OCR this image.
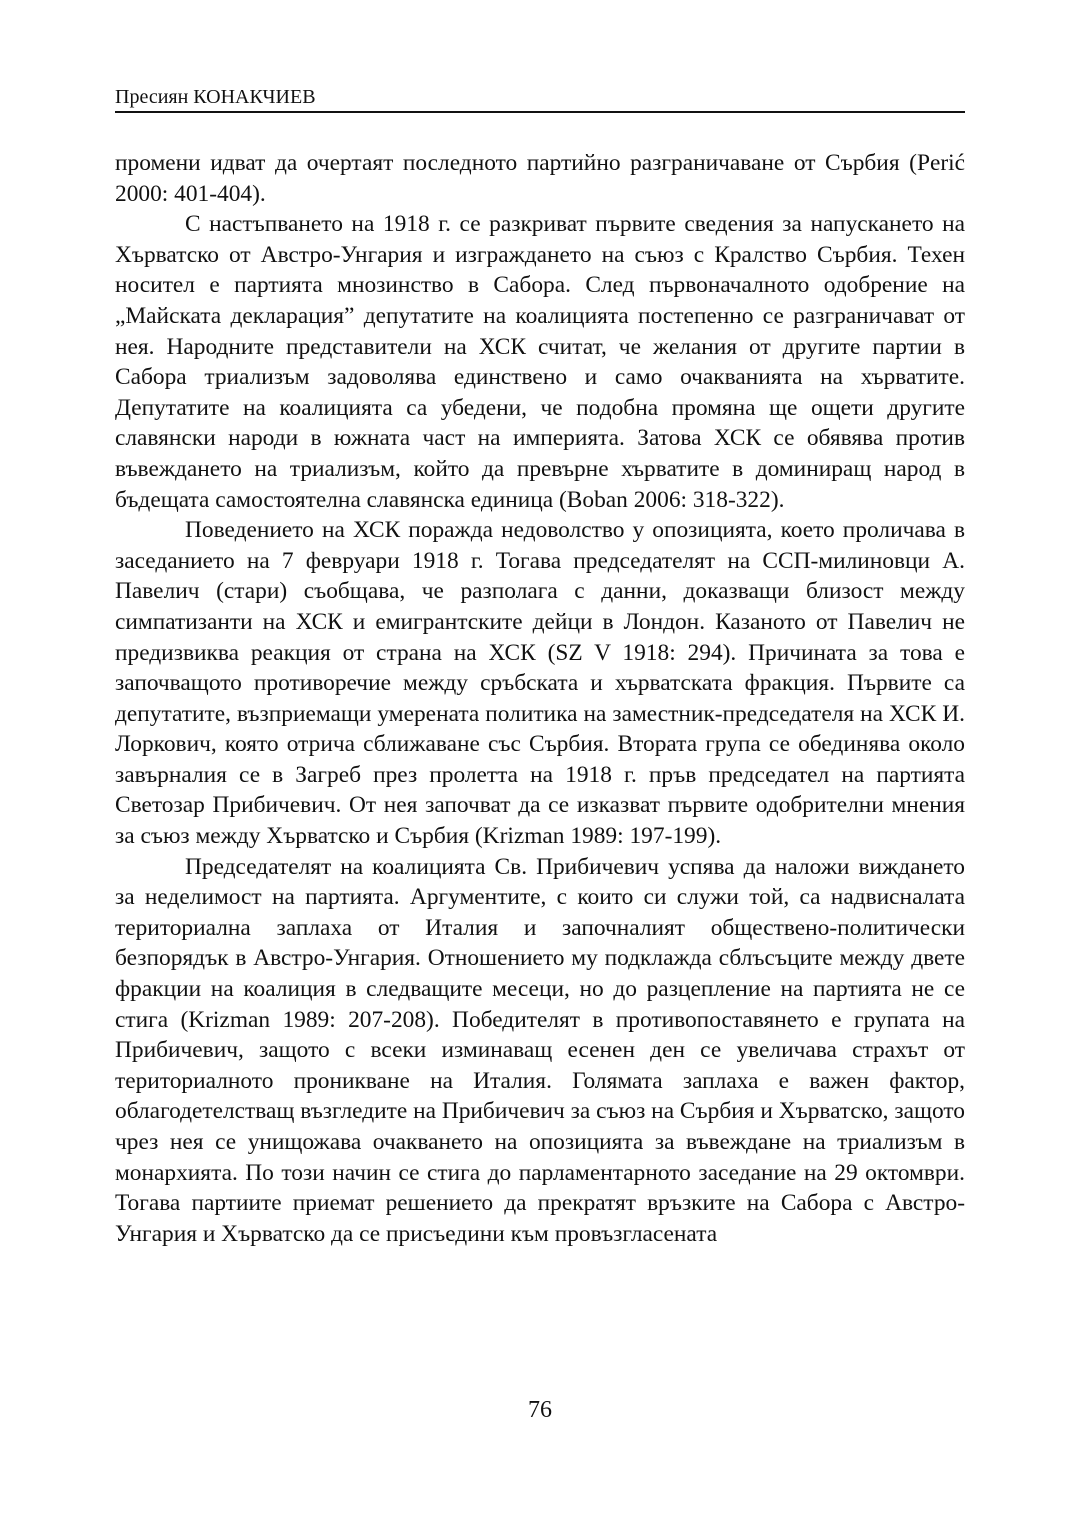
Пресиян КОНАКЧИЕВ

промени идват да очертаят последното партийно разграничаване от Сърбия (Perić 2000: 401-404).

С настъпването на 1918 г. се разкриват първите сведения за напускането на Хърватско от Австро-Унгария и изграждането на съюз с Кралство Сърбия. Техен носител е партията мнозинство в Сабора. След първоначалното одобрение на „Майската декларация” депутатите на коалицията постепенно се разграничават от нея. Народните представители на ХСК считат, че желания от другите партии в Сабора триализъм задоволява единствено и само очакванията на хърватите. Депутатите на коалицията са убедени, че подобна промяна ще ощети другите славянски народи в южната част на империята. Затова ХСК се обявява против въвеждането на триализъм, който да превърне хърватите в доминиращ народ в бъдещата самостоятелна славянска единица (Boban 2006: 318-322).

Поведението на ХСК поражда недоволство у опозицията, което проличава в заседанието на 7 февруари 1918 г. Тогава председателят на ССП-милиновци А. Павелич (стари) съобщава, че разполага с данни, доказващи близост между симпатизанти на ХСК и емигрантските дейци в Лондон. Казаното от Павелич не предизвиква реакция от страна на ХСК (SZ V 1918: 294). Причината за това е започващото противоречие между сръбската и хърватската фракция. Първите са депутатите, възприемащи умерената политика на заместник-председателя на ХСК И. Лоркович, която отрича сближаване със Сърбия. Втората група се обединява около завърналия се в Загреб през пролетта на 1918 г. пръв председател на партията Светозар Прибичевич. От нея започват да се изказват първите одобрителни мнения за съюз между Хърватско и Сърбия (Krizman 1989: 197-199).

Председателят на коалицията Св. Прибичевич успява да наложи вижданeто за неделимост на партията. Аргументите, с които си служи той, са надвисналата териториална заплаха от Италия и започналият обществено-политически безпорядък в Австро-Унгария. Отношението му подклажда сблъсъците между двете фракции на коалиция в следващите месеци, но до разцепление на партията не се стига (Krizman 1989: 207-208). Победителят в противопоставянето е групата на Прибичевич, защото с всеки изминаващ есенен ден се увеличава страхът от териториалното проникване на Италия. Голямата заплаха е важен фактор, облагодетелстващ възгледите на Прибичевич за съюз на Сърбия и Хърватско, защото чрез нея се унищожава очакването на опозицията за въвеждане на триализъм в монархията. По този начин се стига до парламентарното заседание на 29 октомври. Тогава партиите приемат решението да прекратят връзките на Сабора с Австро-Унгария и Хърватско да се присъедини към провъзгласената

76
